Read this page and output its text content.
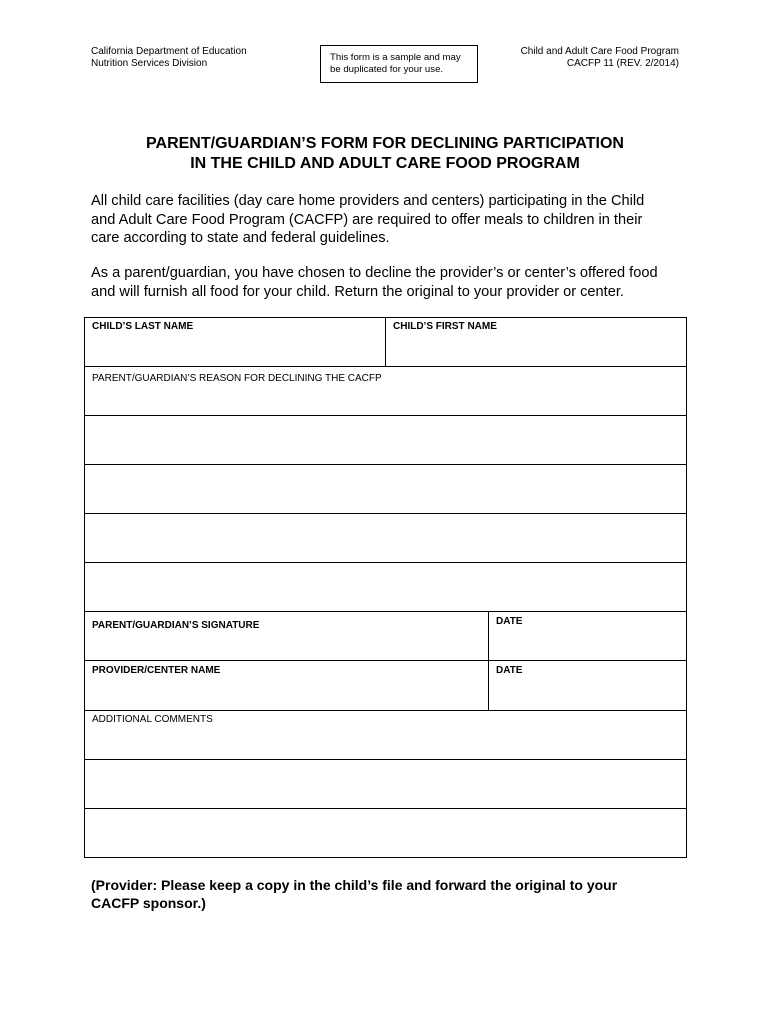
California Department of Education
Nutrition Services Division
This form is a sample and may
be duplicated for your use.
Child and Adult Care Food Program
CACFP 11 (REV. 2/2014)
PARENT/GUARDIAN’S FORM FOR DECLINING PARTICIPATION
IN THE CHILD AND ADULT CARE FOOD PROGRAM
All child care facilities (day care home providers and centers) participating in the Child
and Adult Care Food Program (CACFP) are required to offer meals to children in their
care according to state and federal guidelines.
As a parent/guardian, you have chosen to decline the provider’s or center’s offered food
and will furnish all food for your child. Return the original to your provider or center.
CHILD’S LAST NAME	CHILD’S FIRST NAME
PARENT/GUARDIAN’S REASON FOR DECLINING THE CACFP
PARENT/GUARDIAN’S SIGNATURE	DATE
PROVIDER/CENTER NAME	DATE
ADDITIONAL COMMENTS
(Provider: Please keep a copy in the child’s file and forward the original to your
CACFP sponsor.)
